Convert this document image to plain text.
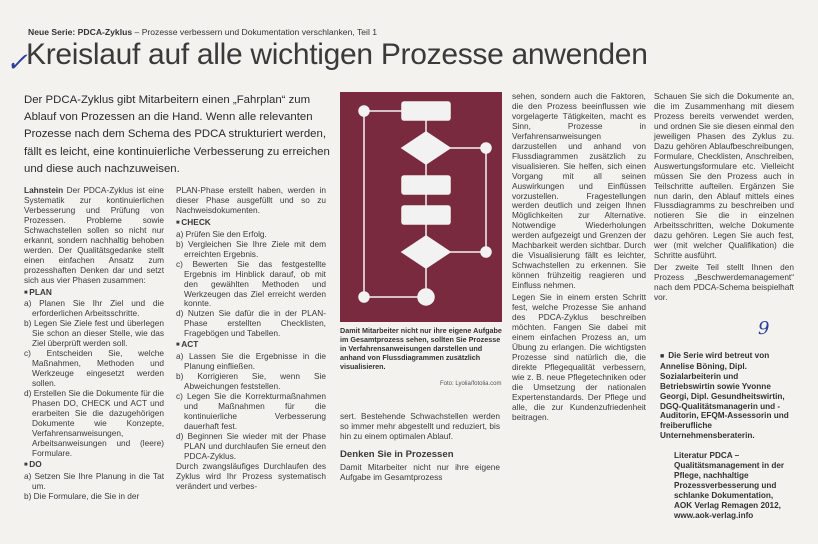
Neue Serie: PDCA-Zyklus – Prozesse verbessern und Dokumentation verschlanken, Teil 1
✓
Kreislauf auf alle wichtigen Prozesse anwenden
Der PDCA-Zyklus gibt Mitarbeitern einen „Fahrplan“ zum Ablauf von Prozessen an die Hand. Wenn alle relevanten Prozesse nach dem Schema des PDCA strukturiert werden, fällt es leicht, eine kontinuierliche Verbesserung zu erreichen und diese auch nachzuweisen.

Lahnstein Der PDCA-Zyklus ist eine Systematik zur kontinuierlichen Verbesserung und Prüfung von Prozessen. Probleme sowie Schwachstellen sollen so nicht nur erkannt, sondern nachhaltig behoben werden. Der Qualitätsgedanke stellt einen einfachen Ansatz zum prozesshaften Denken dar und setzt sich aus vier Phasen zusammen:

■ PLAN

a) Planen Sie Ihr Ziel und die erforderlichen Arbeitsschritte.

b) Legen Sie Ziele fest und überlegen Sie schon an dieser Stelle, wie das Ziel überprüft werden soll.

c) Entscheiden Sie, welche Maßnahmen, Methoden und Werkzeuge eingesetzt werden sollen.

d) Erstellen Sie die Dokumente für die Phasen DO, CHECK und ACT und erarbeiten Sie die dazugehörigen Dokumente wie Konzepte, Verfahrensanweisungen, Arbeitsanweisungen und (leere) Formulare.

■ DO

a) Setzen Sie Ihre Planung in die Tat um.

b) Die Formulare, die Sie in der

PLAN-Phase erstellt haben, werden in dieser Phase ausgefüllt und so zu Nachweisdokumenten.

■ CHECK

a) Prüfen Sie den Erfolg.

b) Vergleichen Sie Ihre Ziele mit dem erreichten Ergebnis.

c) Bewerten Sie das festgestellte Ergebnis im Hinblick darauf, ob mit den gewählten Methoden und Werkzeugen das Ziel erreicht werden konnte.

d) Nutzen Sie dafür die in der PLAN-Phase erstellten Checklisten, Fragebögen und Tabellen.

■ ACT

a) Lassen Sie die Ergebnisse in die Planung einfließen.

b) Korrigieren Sie, wenn Sie Abweichungen feststellen.

c) Legen Sie die Korrekturmaßnahmen und Maßnahmen für die kontinuierliche Verbesserung dauerhaft fest.

d) Beginnen Sie wieder mit der Phase PLAN und durchlaufen Sie erneut den PDCA-Zyklus.

Durch zwangsläufiges Durchlaufen des Zyklus wird Ihr Prozess systematisch verändert und verbes-

Damit Mitarbeiter nicht nur ihre eigene Aufgabe im Gesamtprozess sehen, sollten Sie Prozesse in Verfahrensanweisungen darstellen und anhand von Flussdiagrammen zusätzlich visualisieren.
Foto: Lyolia/fotolia.com

sert. Bestehende Schwachstellen werden so immer mehr abgestellt und reduziert, bis hin zu einem optimalen Ablauf.

Denken Sie in Prozessen

Damit Mitarbeiter nicht nur ihre eigene Aufgabe im Gesamtprozess

sehen, sondern auch die Faktoren, die den Prozess beeinflussen wie vorgelagerte Tätigkeiten, macht es Sinn, Prozesse in Verfahrensanweisungen darzustellen und anhand von Flussdiagrammen zusätzlich zu visualisieren. Sie helfen, sich einen Vorgang mit all seinen Auswirkungen und Einflüssen vorzustellen. Fragestellungen werden deutlich und zeigen Ihnen Möglichkeiten zur Alternative. Notwendige Wiederholungen werden aufgezeigt und Grenzen der Machbarkeit werden sichtbar. Durch die Visualisierung fällt es leichter, Schwachstellen zu erkennen. Sie können frühzeitig reagieren und Einfluss nehmen.

Legen Sie in einem ersten Schritt fest, welche Prozesse Sie anhand des PDCA-Zyklus beschreiben möchten. Fangen Sie dabei mit einem einfachen Prozess an, um Übung zu erlangen. Die wichtigsten Prozesse sind natürlich die, die direkte Pflegequalität verbessern, wie z. B. neue Pflegetechniken oder die Umsetzung der nationalen Expertenstandards. Der Pflege und alle, die zur Kundenzufriedenheit beitragen.

Schauen Sie sich die Dokumente an, die im Zusammenhang mit diesem Prozess bereits verwendet werden, und ordnen Sie sie diesen einmal den jeweiligen Phasen des Zyklus zu. Dazu gehören Ablaufbeschreibungen, Formulare, Checklisten, Anschreiben, Auswertungsformulare etc. Vielleicht müssen Sie den Prozess auch in Teilschritte aufteilen. Ergänzen Sie nun darin, den Ablauf mittels eines Flussdiagramms zu beschreiben und notieren Sie die in einzelnen Arbeitsschritten, welche Dokumente dazu gehören. Legen Sie auch fest, wer (mit welcher Qualifikation) die Schritte ausführt.

Der zweite Teil stellt Ihnen den Prozess „Beschwerdemanagement“ nach dem PDCA-Schema beispielhaft vor.

9
■ Die Serie wird betreut von Annelise Böning, Dipl. Sozialarbeiterin und Betriebswirtin sowie Yvonne Georgi, Dipl. Gesundheitswirtin, DGQ-Qualitätsmanagerin und -Auditorin, EFQM-Assessorin und freiberufliche Unternehmensberaterin.
Literatur PDCA – Qualitätsmanagement in der Pflege, nachhaltige Prozessverbesserung und schlanke Dokumentation, AOK Verlag Remagen 2012, www.aok-verlag.info
